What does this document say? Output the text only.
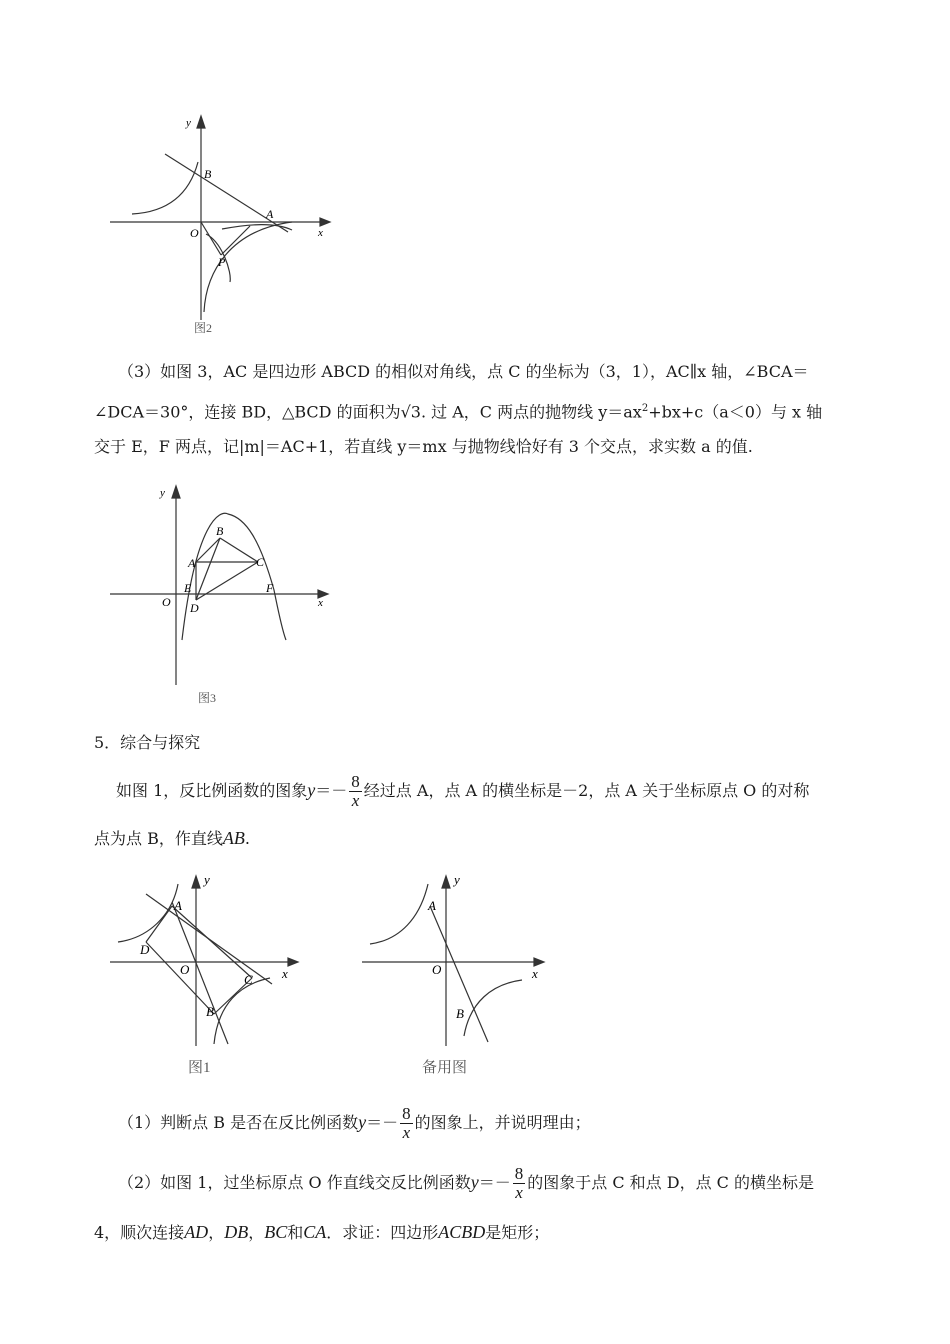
y
x
B
A
O
P
图2
（3）如图 3，AC 是四边形 ABCD 的相似对角线，点 C 的坐标为（3，1），AC∥x 轴，∠BCA＝
∠DCA＝30°，连接 BD，△BCD 的面积为√3. 过 A，C 两点的抛物线 $y=ax^2+bx+c(a<0)$与 x 轴
交于 E，F 两点，记|m|＝AC+1，若直线 y＝mx 与抛物线恰好有 3 个交点，求实数 a 的值.
y
x
B
A	C
E	F
O D
图3
5．综合与探究
如图 1，反比例函数的图象$y=- \frac{8}{x}$ 经过点 A，点 A 的横坐标是－2，点 A 关于坐标原点 O 的对称
点为点 B，作直线AB.
y
x
A
D
O
C
B
图1
y
x
A
O
B
备用图
（1）判断点 B 是否在反比例函数$y=- \frac{8}{x}$ 的图象上，并说明理由；
（2）如图 1，过坐标原点 O 作直线交反比例函数$y=- \frac{8}{x}$ 的图象于点 C 和点 D，点 C 的横坐标是
4，顺次连接AD，DB，BC和CA．求证：四边形ACBD是矩形；
